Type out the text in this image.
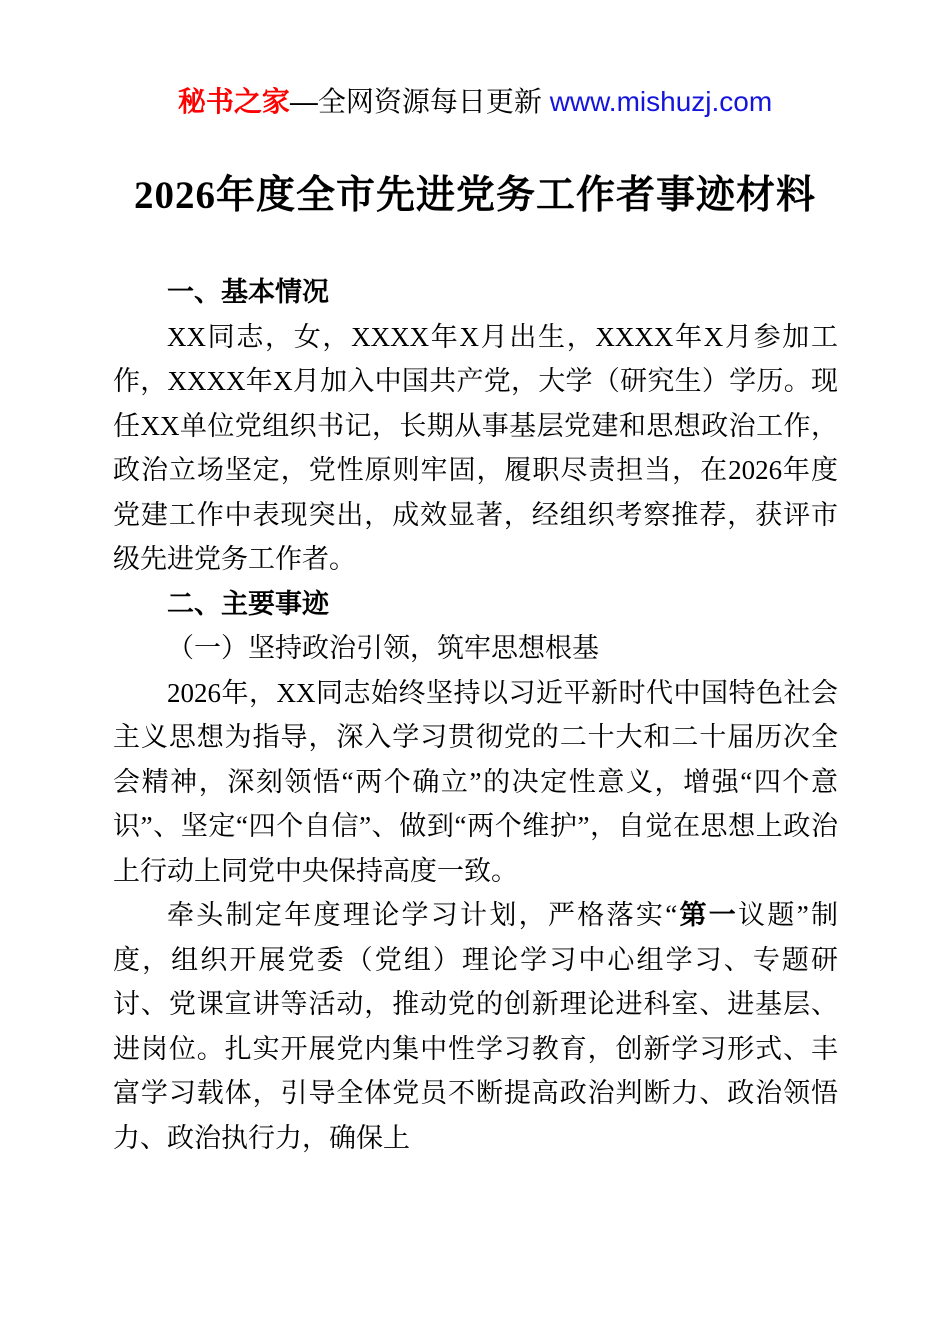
秘书之家—全网资源每日更新 www.mishuzj.com
2026年度全市先进党务工作者事迹材料

一、基本情况

XX同志，女，XXXX年X月出生，XXXX年X月参加工作，XXXX年X月加入中国共产党，大学（研究生）学历。现任XX单位党组织书记，长期从事基层党建和思想政治工作，政治立场坚定，党性原则牢固，履职尽责担当，在2026年度党建工作中表现突出，成效显著，经组织考察推荐，获评市级先进党务工作者。

二、主要事迹

（一）坚持政治引领，筑牢思想根基

2026年，XX同志始终坚持以习近平新时代中国特色社会主义思想为指导，深入学习贯彻党的二十大和二十届历次全会精神，深刻领悟“两个确立”的决定性意义，增强“四个意识”、坚定“四个自信”、做到“两个维护”，自觉在思想上政治上行动上同党中央保持高度一致。

牵头制定年度理论学习计划，严格落实“第一议题”制度，组织开展党委（党组）理论学习中心组学习、专题研讨、党课宣讲等活动，推动党的创新理论进科室、进基层、进岗位。扎实开展党内集中性学习教育，创新学习形式、丰富学习载体，引导全体党员不断提高政治判断力、政治领悟力、政治执行力，确保上
